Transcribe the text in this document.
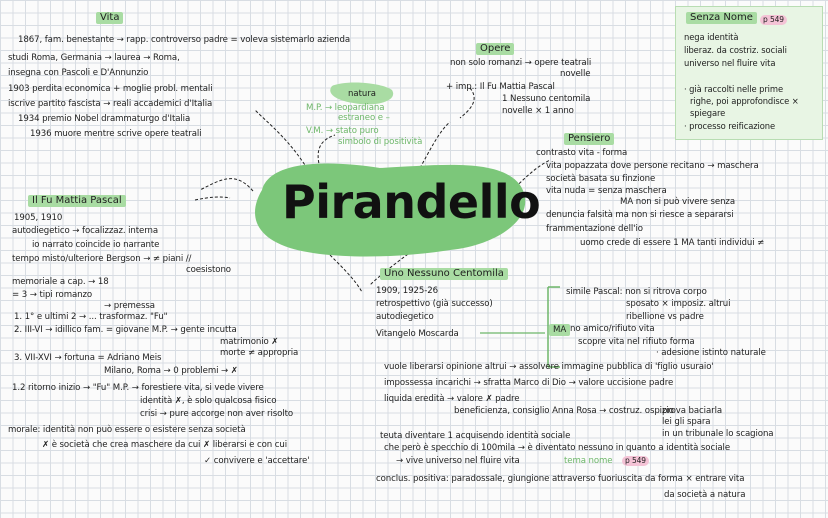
Pirandello
Vita
1867, fam. benestante → rapp. controverso padre = voleva sistemarlo azienda
studi Roma, Germania → laurea → Roma,
insegna con Pascoli e D'Annunzio
1903 perdita economica + moglie probl. mentali
iscrive partito fascista → reali accademici d'Italia
1934 premio Nobel drammaturgo d'Italia
1936 muore mentre scrive opere teatrali
natura
M.P. → leopardiana
estraneo e –
V.M. → stato puro
simbolo di positività
Opere
non solo romanzi → opere teatrali
novelle
+ imp.: Il Fu Mattia Pascal
1 Nessuno centomila
novelle × 1 anno
Senza Nome	p 549
nega identità
liberaz. da costriz. sociali
universo nel fluire vita
· già raccolti nelle prime
righe, poi approfondisce ×
spiegare
· processo reificazione
Pensiero
contrasto vita - forma
vita popazzata dove persone recitano → maschera
società basata su finzione
vita nuda = senza maschera
MA non si può vivere senza
denuncia falsità ma non si riesce a separarsi
frammentazione dell'io
uomo crede di essere 1 MA tanti individui ≠
Il Fu Mattia Pascal
1905, 1910
autodiegetico → focalizzaz. interna
io narrato coincide io narrante
tempo misto/ulteriore Bergson → ≠ piani //
coesistono
memoriale a cap. → 18
= 3 → tipi romanzo
→ premessa
1. 1° e ultimi 2 → ... trasformaz. "Fu"
2. III-VI → idillico fam. = giovane M.P. → gente incutta
matrimonio ✗
morte ≠ appropria
3. VII-XVI → fortuna = Adriano Meis
Milano, Roma → 0 problemi → ✗
1.2 ritorno inizio → "Fu" M.P. → forestiere vita, si vede vivere
identità ✗, è solo qualcosa fisico
crisi → pure accorge non aver risolto
morale: identità non può essere o esistere senza società
✗ è società che crea maschere da cui ✗ liberarsi e con cui
✓ convivere e 'accettare'
Uno Nessuno Centomila
1909, 1925-26
retrospettivo (già successo)
autodiegetico
Vitangelo Moscarda	MA
simile Pascal: non si ritrova corpo
sposato × imposiz. altrui
ribellione vs padre
no amico/rifiuto vita
scopre vita nel rifiuto forma
· adesione istinto naturale
vuole liberarsi opinione altrui → assolvere immagine pubblica di 'figlio usuraio'
impossessa incarichi → sfratta Marco di Dio → valore uccisione padre
liquida eredità → valore ✗ padre
beneficienza, consiglio Anna Rosa → costruz. ospizio
prova baciarla
lei gli spara
in un tribunale lo scagiona
teuta diventare 1 acquisendo identità sociale
che però è specchio di 100mila → è diventato nessuno in quanto a identità sociale
→ vive universo nel fluire vita	tema nome	p 549
conclus. positiva: paradossale, giungione attraverso fuoriuscita da forma × entrare vita
da società a natura
